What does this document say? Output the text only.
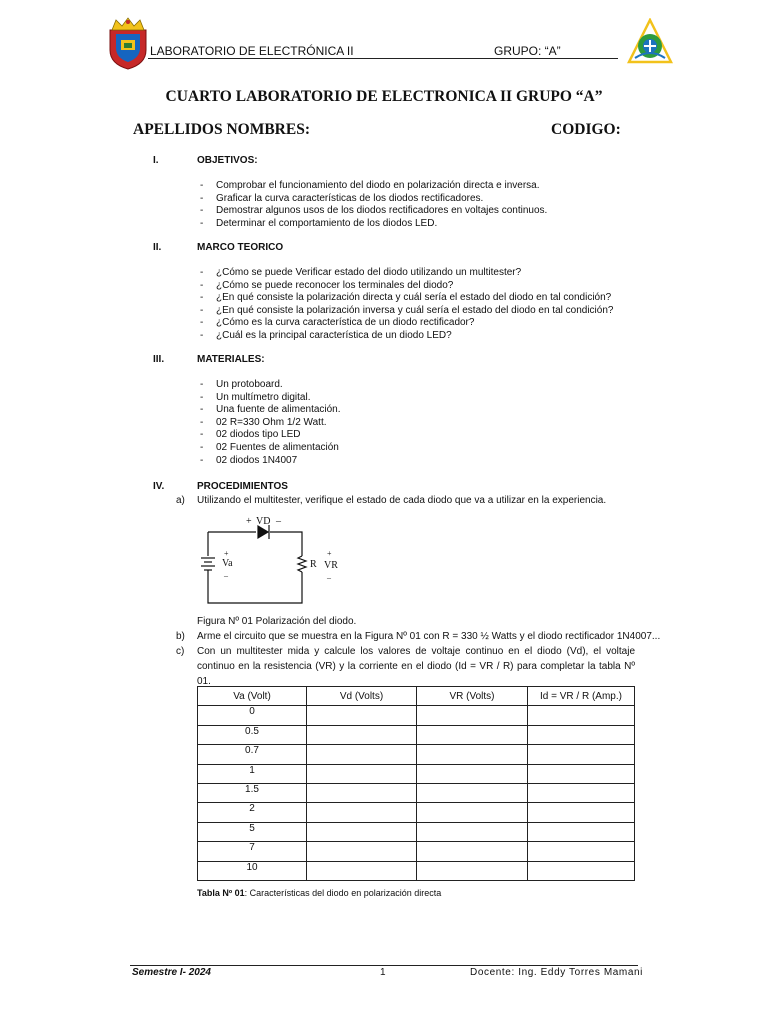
LABORATORIO DE ELECTRÓNICA II	GRUPO: “A”
CUARTO LABORATORIO DE ELECTRONICA II GRUPO “A”
APELLIDOS NOMBRES:	CODIGO:
I.	OBJETIVOS:
- Comprobar el funcionamiento del diodo en polarización directa e inversa.
- Graficar la curva características de los diodos rectificadores.
- Demostrar algunos usos de los diodos rectificadores en voltajes continuos.
- Determinar el comportamiento de los diodos LED.
II.	MARCO TEORICO
- ¿Cómo se puede Verificar estado del diodo utilizando un multitester?
- ¿Cómo se puede reconocer los terminales del diodo?
- ¿En qué consiste la polarización directa y cuál sería el estado del diodo en tal condición?
- ¿En qué consiste la polarización inversa y cuál sería el estado del diodo en tal condición?
- ¿Cómo es la curva característica de un diodo rectificador?
- ¿Cuál es la principal característica de un diodo LED?
III.	MATERIALES:
- Un protoboard.
- Un multímetro digital.
- Una fuente de alimentación.
- 02 R=330 Ohm 1/2 Watt.
- 02 diodos tipo LED
- 02 Fuentes de alimentación
- 02 diodos 1N4007
IV.	PROCEDIMIENTOS
a) Utilizando el multitester, verifique el estado de cada diodo que va a utilizar en la experiencia.
+ VD –
+
Va
–
R
+
VR
–
Figura Nº 01 Polarización del diodo.
b) Arme el circuito que se muestra en la Figura Nº 01 con R = 330 ½ Watts y el diodo rectificador 1N4007...
c) Con un multitester mida y calcule los valores de voltaje continuo en el diodo (Vd), el voltaje continuo en la resistencia (VR) y la corriente en el diodo (Id = VR / R) para completar la tabla Nº 01.
Va (Volt)	Vd (Volts)	VR (Volts)	Id = VR / R (Amp.)
0			
0.5			
0.7			
1			
1.5			
2			
5			
7			
10			
Tabla Nº 01: Características del diodo en polarización directa
Semestre I- 2024	1	Docente: Ing. Eddy Torres Mamani
